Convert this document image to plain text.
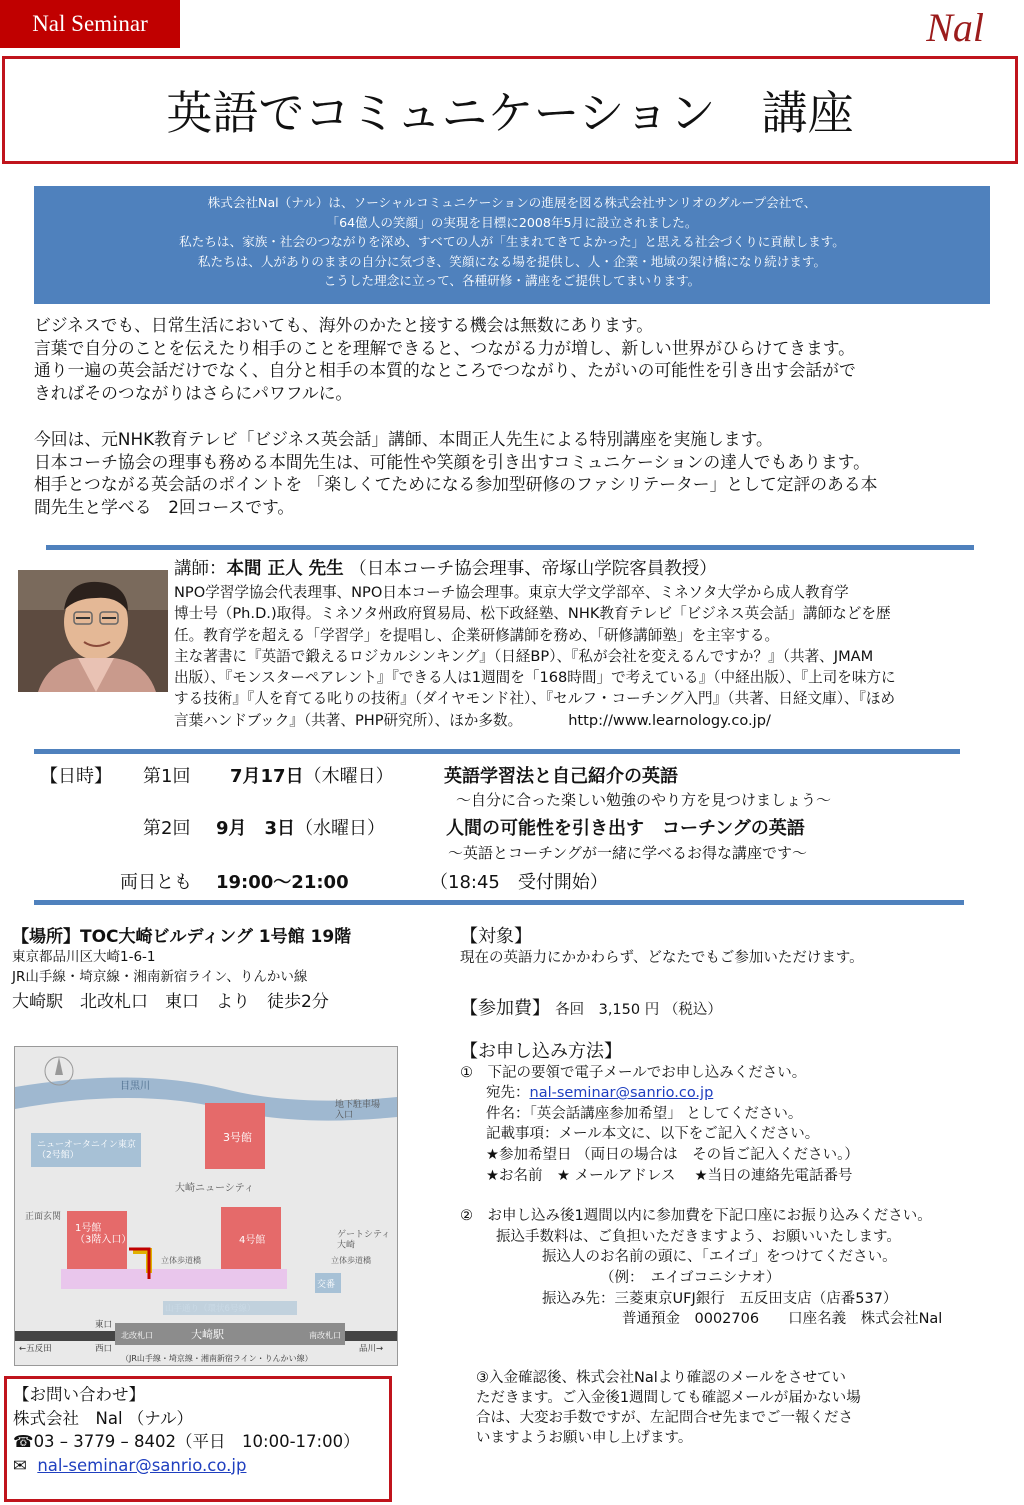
Nal Seminar	Nal
英語でコミュニケーション　講座
株式会社Nal（ナル）は、ソーシャルコミュニケーションの進展を図る株式会社サンリオのグループ会社で、
「64億人の笑顔」の実現を目標に2008年5月に設立されました。
私たちは、家族・社会のつながりを深め、すべての人が「生まれてきてよかった」と思える社会づくりに貢献します。
私たちは、人がありのままの自分に気づき、笑顔になる場を提供し、人・企業・地域の架け橋になり続けます。
こうした理念に立って、各種研修・講座をご提供してまいります。

ビジネスでも、日常生活においても、海外のかたと接する機会は無数にあります。

言葉で自分のことを伝えたり相手のことを理解できると、つながる力が増し、新しい世界がひらけてきます。

通り一遍の英会話だけでなく、自分と相手の本質的なところでつながり、たがいの可能性を引き出す会話がで

きればそのつながりはさらにパワフルに。

今回は、元NHK教育テレビ「ビジネス英会話」講師、本間正人先生による特別講座を実施します。

日本コーチ協会の理事も務める本間先生は、可能性や笑顔を引き出すコミュニケーションの達人でもあります。

相手とつながる英会話のポイントを 「楽しくてためになる参加型研修のファシリテーター」として定評のある本

間先生と学べる　2回コースです。

講師：本間 正人 先生 （日本コーチ協会理事、帝塚山学院客員教授）

NPO学習学協会代表理事、NPO日本コーチ協会理事。東京大学文学部卒、ミネソタ大学から成人教育学

博士号（Ph.D.)取得。ミネソタ州政府貿易局、松下政経塾、NHK教育テレビ「ビジネス英会話」講師などを歴

任。教育学を超える「学習学」を提唱し、企業研修講師を務め、「研修講師塾」を主宰する。

主な著書に『英語で鍛えるロジカルシンキング』（日経BP）、『私が会社を変えるんですか？』（共著、JMAM

出版）、『モンスターペアレント』『できる人は1週間を「168時間」で考えている』（中経出版）、『上司を味方に

する技術』『人を育てる叱りの技術』（ダイヤモンド社）、『セルフ・コーチング入門』（共著、日経文庫）、『ほめ

言葉ハンドブック』（共著、PHP研究所）、ほか多数。	http://www.learnology.co.jp/

【日時】 第1回 7月17日（木曜日）	英語学習法と自己紹介の英語
～自分に合った楽しい勉強のやり方を見つけましょう～
第2回 9月　3日（水曜日）	人間の可能性を引き出す　コーチングの英語
～英語とコーチングが一緒に学べるお得な講座です～
両日とも 19:00～21:00	（18:45　受付開始）
【場所】TOC大崎ビルディング 1号館 19階
東京都品川区大崎1-6-1
JR山手線・埼京線・湘南新宿ライン、りんかい線
大崎駅　北改札口　東口　より　徒歩2分
目黒川
ニューオータニイン東京（2号館）
3号館
地下駐車場入口
大崎ニューシティ
1号館（3階入口）	4号館	ゲートシティ大崎
正面玄関
交番
立体歩道橋	立体歩道橋
大崎駅
北改札口	南改札口
東口
西口
←五反田	品川→
（JR山手線・埼京線・湘南新宿ライン・りんかい線）
【お問い合わせ】
株式会社　Nal （ナル）
☎03 – 3779 – 8402（平日　10:00-17:00）
✉ nal-seminar@sanrio.co.jp
【対象】
現在の英語力にかかわらず、どなたでもご参加いただけます。
【参加費】 各回　3,150 円 （税込）
【お申し込み方法】
①　下記の要領で電子メールでお申し込みください。
宛先：nal-seminar@sanrio.co.jp
件名：「英会話講座参加希望」 としてください。
記載事項：メール本文に、以下をご記入ください。
★参加希望日 （両日の場合は　その旨ご記入ください。）
★お名前　★ メールアドレス　 ★当日の連絡先電話番号
②　お申し込み後1週間以内に参加費を下記口座にお振り込みください。
振込手数料は、ご負担いただきますよう、お願いいたします。
振込人のお名前の頭に、「エイゴ」をつけてください。
（例：　エイゴコニシナオ）
振込み先：三菱東京UFJ銀行　五反田支店（店番537）
普通預金　0002706　　口座名義　株式会社Nal
③入金確認後、株式会社Nalより確認のメールをさせてい
ただきます。ご入金後1週間しても確認メールが届かない場
合は、大変お手数ですが、左記問合せ先までご一報くださ
いますようお願い申し上げます。
